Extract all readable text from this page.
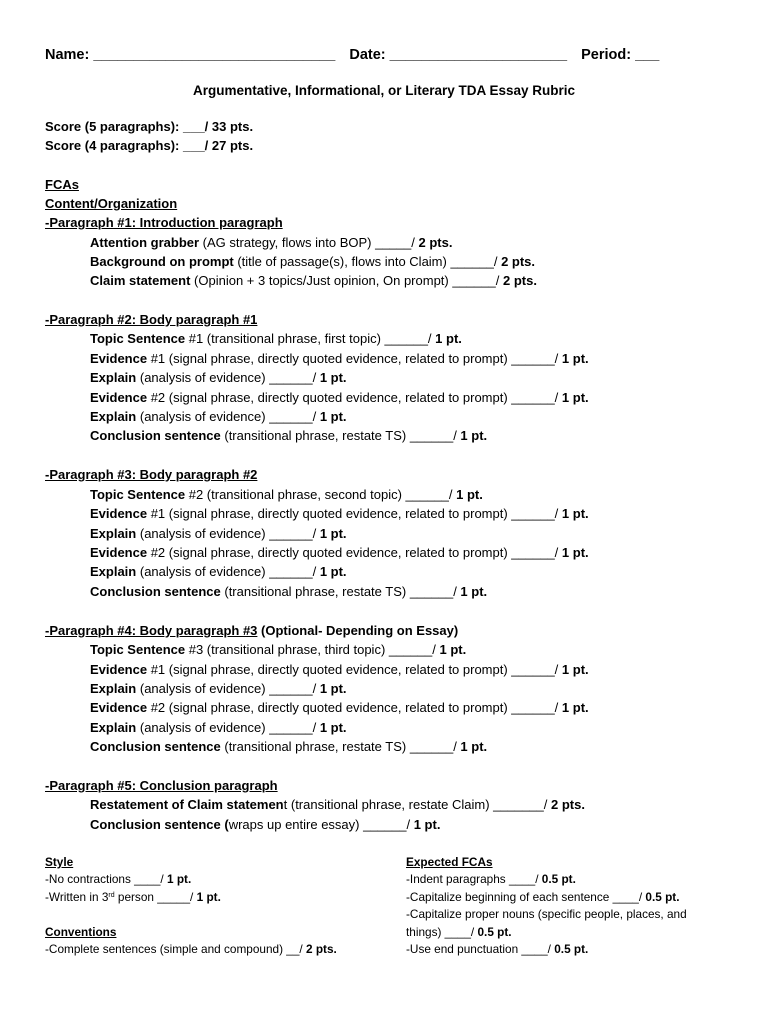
Name: ______________________________ Date: ______________________ Period: ___
Argumentative, Informational, or Literary TDA Essay Rubric
Score (5 paragraphs): ___/ 33 pts.
Score (4 paragraphs): ___/ 27 pts.
FCAs
Content/Organization
-Paragraph #1: Introduction paragraph
Attention grabber (AG strategy, flows into BOP) _____/ 2 pts.
Background on prompt (title of passage(s), flows into Claim) ______/ 2 pts.
Claim statement (Opinion + 3 topics/Just opinion, On prompt) ______/ 2 pts.
-Paragraph #2: Body paragraph #1
Topic Sentence #1 (transitional phrase, first topic) ______/ 1 pt.
Evidence #1 (signal phrase, directly quoted evidence, related to prompt) ______/ 1 pt.
Explain (analysis of evidence) ______/ 1 pt.
Evidence #2 (signal phrase, directly quoted evidence, related to prompt) ______/ 1 pt.
Explain (analysis of evidence) ______/ 1 pt.
Conclusion sentence (transitional phrase, restate TS) ______/ 1 pt.
-Paragraph #3: Body paragraph #2
Topic Sentence #2 (transitional phrase, second topic) ______/ 1 pt.
Evidence #1 (signal phrase, directly quoted evidence, related to prompt) ______/ 1 pt.
Explain (analysis of evidence) ______/ 1 pt.
Evidence #2 (signal phrase, directly quoted evidence, related to prompt) ______/ 1 pt.
Explain (analysis of evidence) ______/ 1 pt.
Conclusion sentence (transitional phrase, restate TS) ______/ 1 pt.
-Paragraph #4: Body paragraph #3 (Optional- Depending on Essay)
Topic Sentence #3 (transitional phrase, third topic) ______/ 1 pt.
Evidence #1 (signal phrase, directly quoted evidence, related to prompt) ______/ 1 pt.
Explain (analysis of evidence) ______/ 1 pt.
Evidence #2 (signal phrase, directly quoted evidence, related to prompt) ______/ 1 pt.
Explain (analysis of evidence) ______/ 1 pt.
Conclusion sentence (transitional phrase, restate TS) ______/ 1 pt.
-Paragraph #5: Conclusion paragraph
Restatement of Claim statement (transitional phrase, restate Claim) _______/ 2 pts.
Conclusion sentence (wraps up entire essay) ______/ 1 pt.
Style
-No contractions ____/ 1 pt.
-Written in 3rd person _____/ 1 pt.
Conventions
-Complete sentences (simple and compound) __/ 2 pts.
Expected FCAs
-Indent paragraphs ____/ 0.5 pt.
-Capitalize beginning of each sentence ____/ 0.5 pt.
-Capitalize proper nouns (specific people, places, and
things) ____/ 0.5 pt.
-Use end punctuation ____/ 0.5 pt.
